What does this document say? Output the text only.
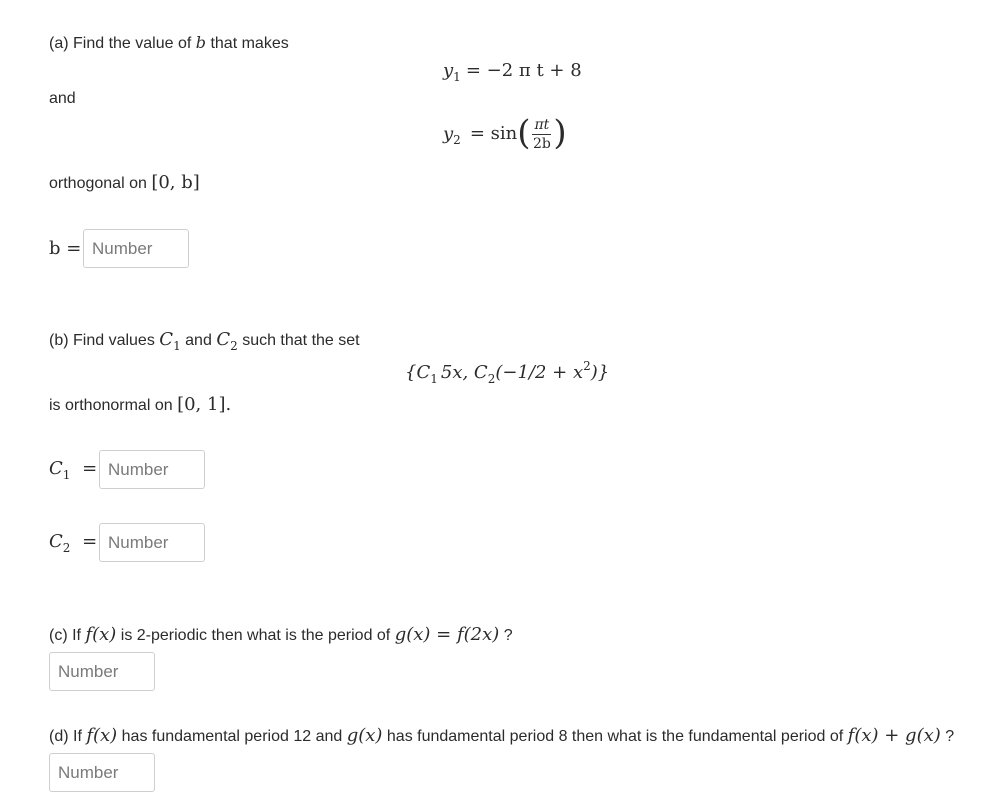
(a) Find the value of b that makes
$y_1 = -2$ π t + 8
and
$y_2 = \sin( \frac{\pi t}{2b}$ )
orthogonal on [0, b]
b =
Number
(b) Find values $C_1$ and $C_2$ such that the set
{$C_1$ 5x, $C_2(-1/2 + x^2)$}
is orthonormal on [0, 1].
$C_1$ =
Number
$C_2$ =
Number
(c) If f(x) is 2-periodic then what is the period of g(x) = f(2x) ?
Number
(d) If f(x) has fundamental period 12 and g(x) has fundamental period 8 then what is the fundamental period of f(x) + g(x) ?
Number
